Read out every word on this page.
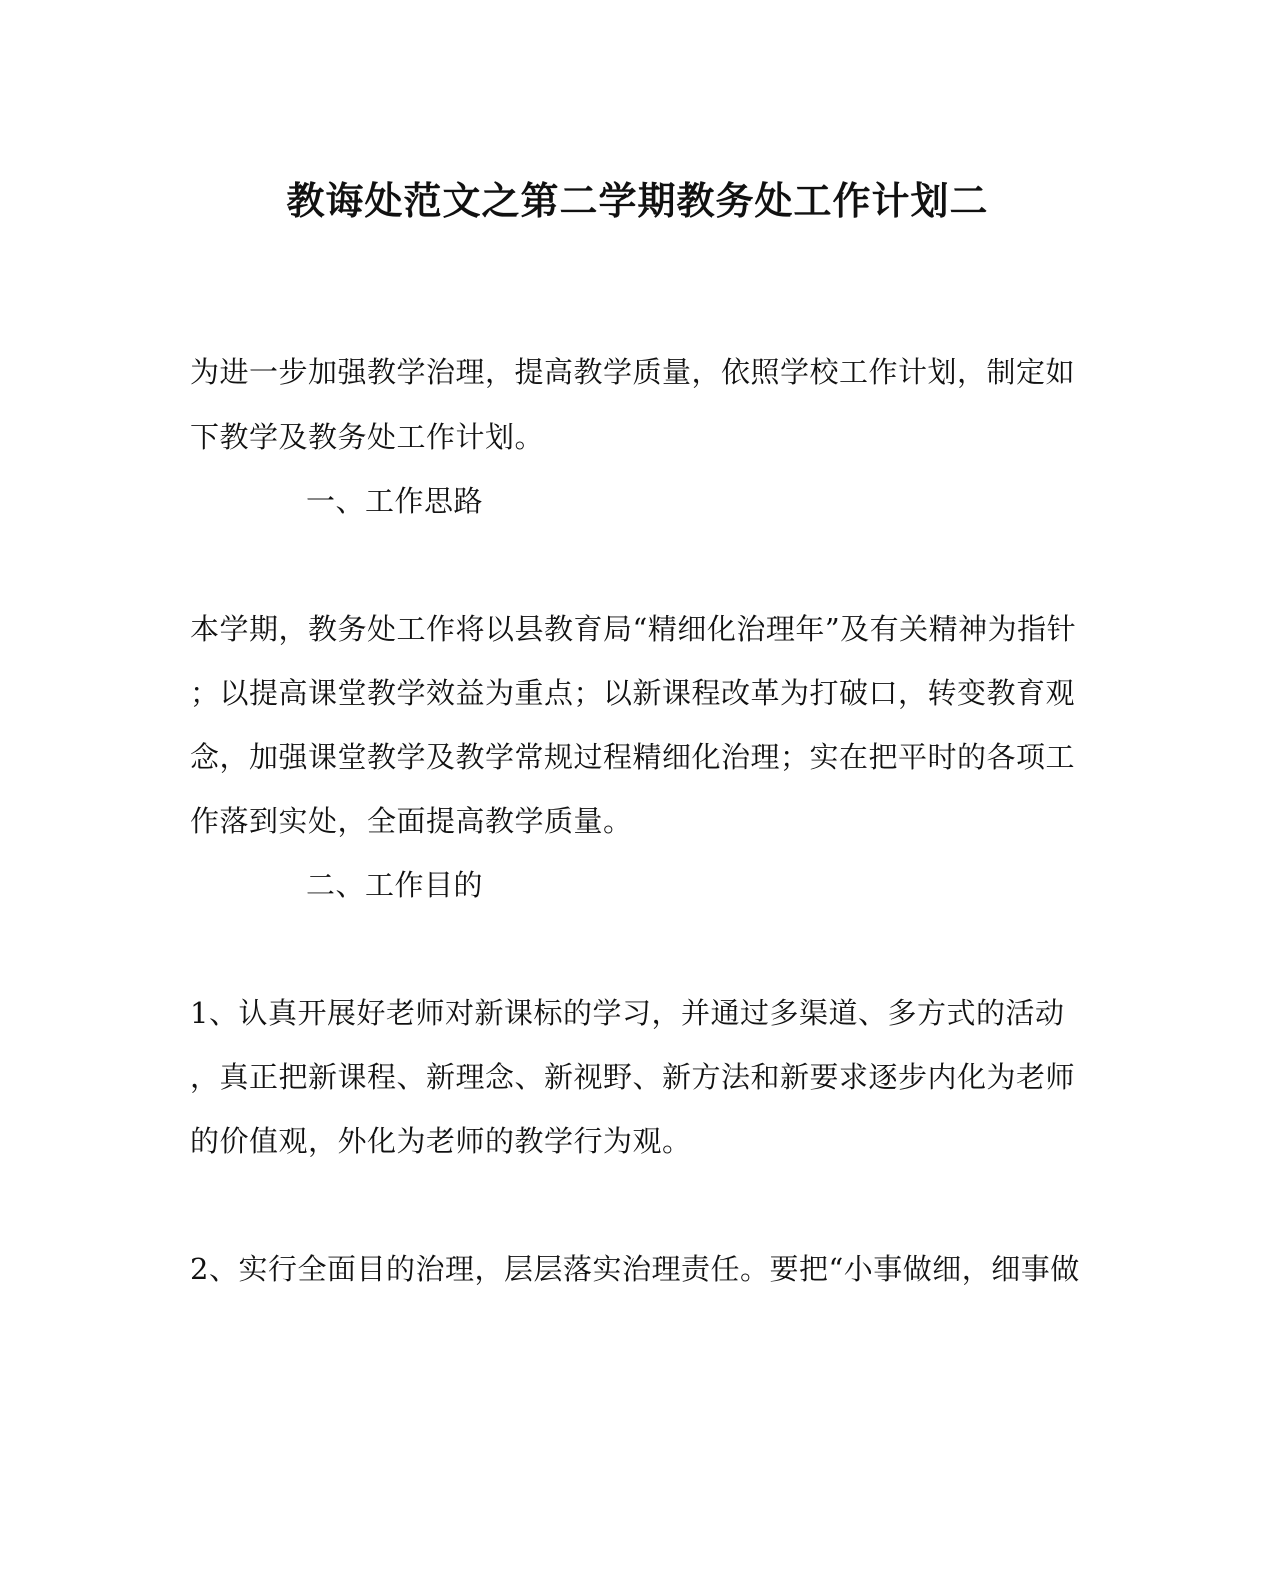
教诲处范文之第二学期教务处工作计划二
为进一步加强教学治理，提高教学质量，依照学校工作计划，制定如
下教学及教务处工作计划。
一、工作思路
本学期，教务处工作将以县教育局“精细化治理年”及有关精神为指针
；以提高课堂教学效益为重点；以新课程改革为打破口，转变教育观
念，加强课堂教学及教学常规过程精细化治理；实在把平时的各项工
作落到实处，全面提高教学质量。
二、工作目的
1、认真开展好老师对新课标的学习，并通过多渠道、多方式的活动
，真正把新课程、新理念、新视野、新方法和新要求逐步内化为老师
的价值观，外化为老师的教学行为观。
2、实行全面目的治理，层层落实治理责任。要把“小事做细，细事做
